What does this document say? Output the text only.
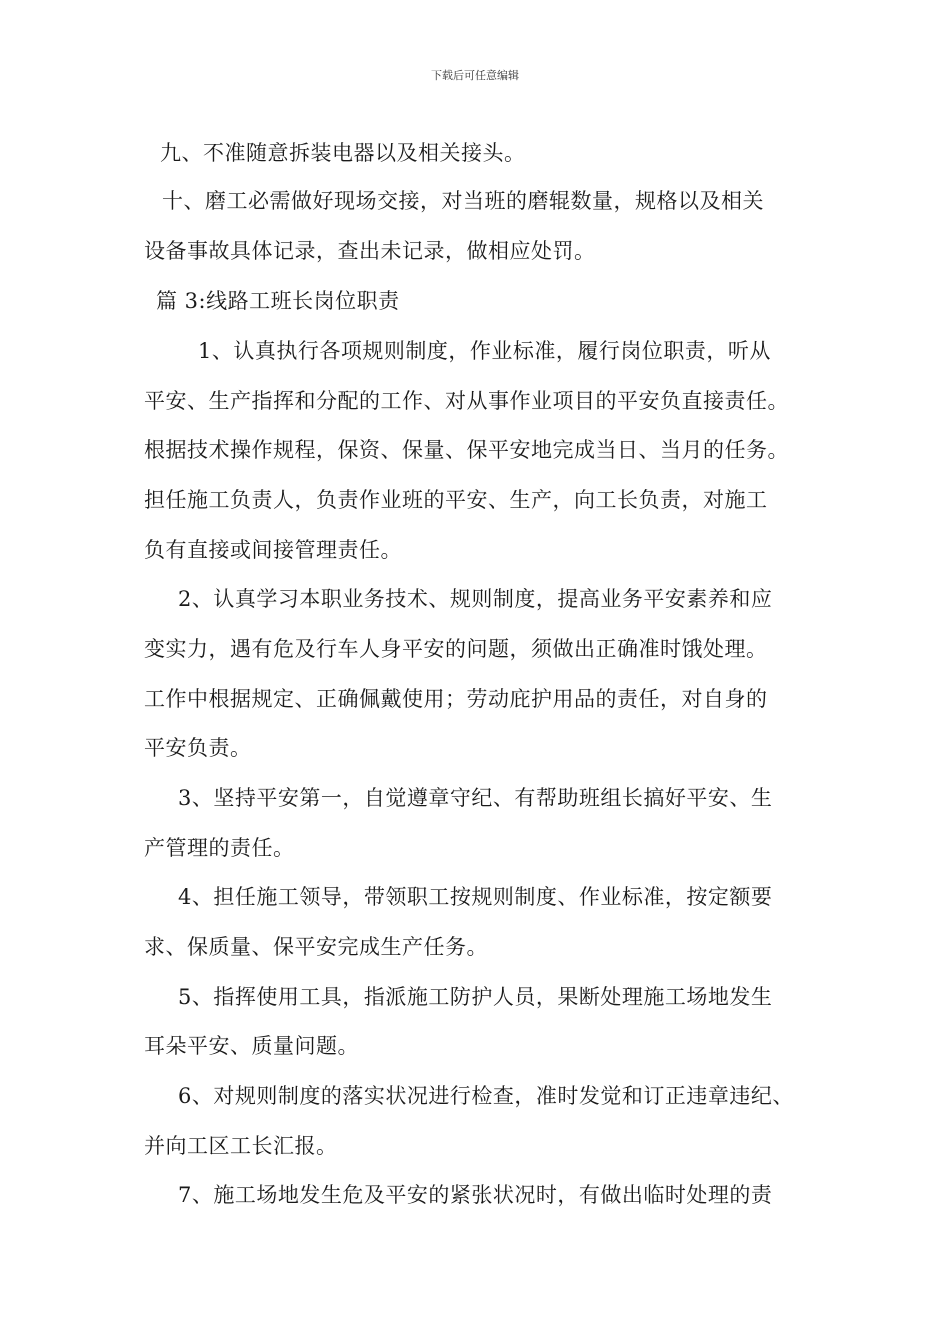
下载后可任意编辑
九、不准随意拆装电器以及相关接头。
十、磨工必需做好现场交接，对当班的磨辊数量，规格以及相关
设备事故具体记录，查出未记录，做相应处罚。
篇 3:线路工班长岗位职责
1、认真执行各项规则制度，作业标准，履行岗位职责，听从
平安、生产指挥和分配的工作、对从事作业项目的平安负直接责任。
根据技术操作规程，保资、保量、保平安地完成当日、当月的任务。
担任施工负责人，负责作业班的平安、生产，向工长负责，对施工
负有直接或间接管理责任。
2、认真学习本职业务技术、规则制度，提高业务平安素养和应
变实力，遇有危及行车人身平安的问题，须做出正确准时饿处理。
工作中根据规定、正确佩戴使用；劳动庇护用品的责任，对自身的
平安负责。
3、坚持平安第一，自觉遵章守纪、有帮助班组长搞好平安、生
产管理的责任。
4、担任施工领导，带领职工按规则制度、作业标准，按定额要
求、保质量、保平安完成生产任务。
5、指挥使用工具，指派施工防护人员，果断处理施工场地发生
耳朵平安、质量问题。
6、对规则制度的落实状况进行检查，准时发觉和订正违章违纪、
并向工区工长汇报。
7、施工场地发生危及平安的紧张状况时，有做出临时处理的责
